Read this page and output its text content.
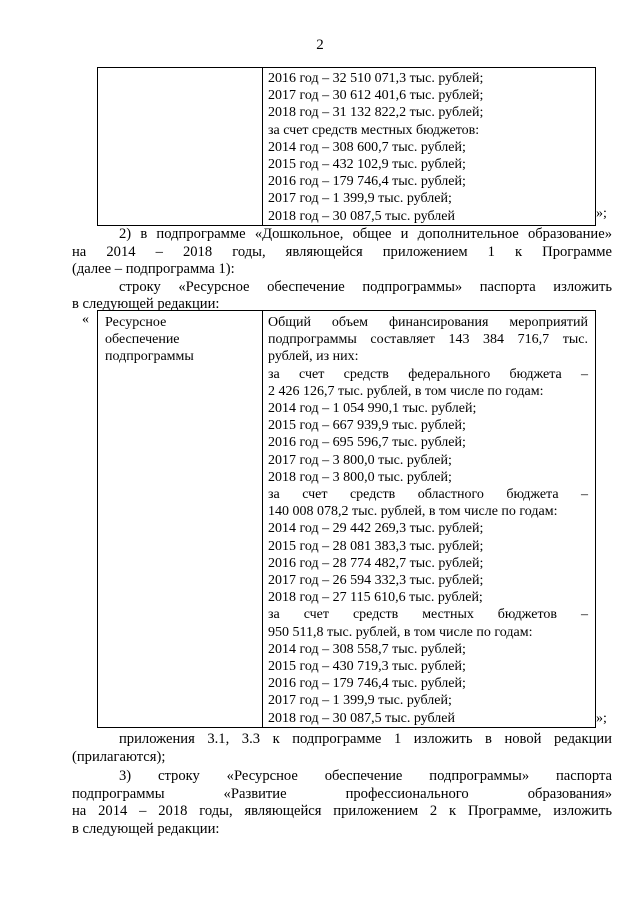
2

2016 год – 32 510 071,3 тыс. рублей;

2017 год – 30 612 401,6 тыс. рублей;

2018 год – 31 132 822,2 тыс. рублей;

за счет средств местных бюджетов:

2014 год – 308 600,7 тыс. рублей;

2015 год – 432 102,9 тыс. рублей;

2016 год – 179 746,4 тыс. рублей;

2017 год – 1 399,9 тыс. рублей;

2018 год – 30 087,5 тыс. рублей	»;

2) в подпрограмме «Дошкольное, общее и дополнительное образование»

на 2014 – 2018 годы, являющейся приложением 1 к Программе

(далее – подпрограмма 1):

строку «Ресурсное обеспечение подпрограммы» паспорта изложить

в следующей редакции:

« Ресурсное

обеспечение

подпрограммы

Общий объем финансирования мероприятий

подпрограммы составляет 143 384 716,7 тыс.

рублей, из них:

за счет средств федерального бюджета –

2 426 126,7 тыс. рублей, в том числе по годам:

2014 год – 1 054 990,1 тыс. рублей;

2015 год – 667 939,9 тыс. рублей;

2016 год – 695 596,7 тыс. рублей;

2017 год – 3 800,0 тыс. рублей;

2018 год – 3 800,0 тыс. рублей;

за счет средств областного бюджета –

140 008 078,2 тыс. рублей, в том числе по годам:

2014 год – 29 442 269,3 тыс. рублей;

2015 год – 28 081 383,3 тыс. рублей;

2016 год – 28 774 482,7 тыс. рублей;

2017 год – 26 594 332,3 тыс. рублей;

2018 год – 27 115 610,6 тыс. рублей;

за счет средств местных бюджетов –

950 511,8 тыс. рублей, в том числе по годам:

2014 год – 308 558,7 тыс. рублей;

2015 год – 430 719,3 тыс. рублей;

2016 год – 179 746,4 тыс. рублей;

2017 год – 1 399,9 тыс. рублей;

2018 год – 30 087,5 тыс. рублей	»;

приложения 3.1, 3.3 к подпрограмме 1 изложить в новой редакции

(прилагаются);

3) строку «Ресурсное обеспечение подпрограммы» паспорта

подпрограммы «Развитие профессионального образования»

на 2014 – 2018 годы, являющейся приложением 2 к Программе, изложить

в следующей редакции:
